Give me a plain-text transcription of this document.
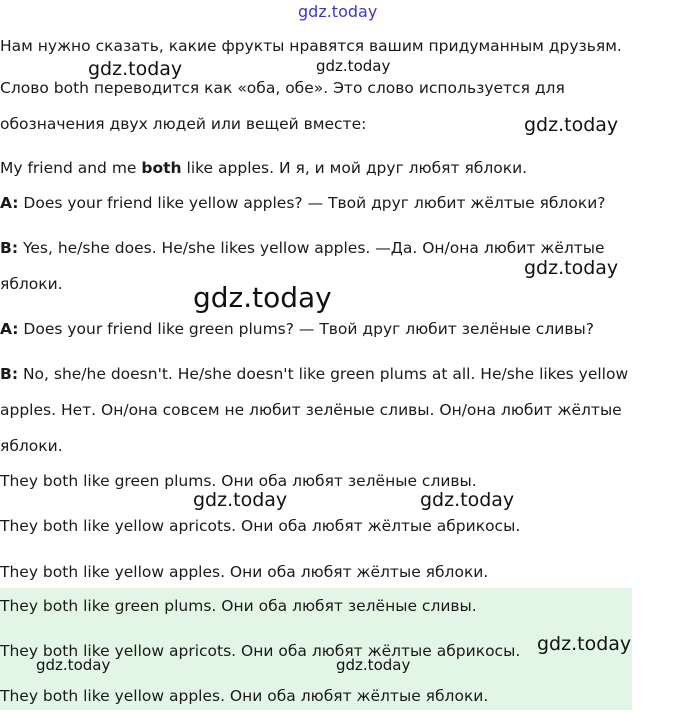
Нам нужно сказать, какие фрукты нравятся вашим придуманным друзьям.
Слово both переводится как «оба, обе». Это слово используется для
обозначения двух людей или вещей вместе:
My friend and me both like apples. И я, и мой друг любят яблоки.
A: Does your friend like yellow apples? — Твой друг любит жёлтые яблоки?
B: Yes, he/she does. He/she likes yellow apples. —Да. Он/она любит жёлтые
яблоки.
A: Does your friend like green plums? — Твой друг любит зелёные сливы?
B: No, she/he doesn't. He/she doesn't like green plums at all. He/she likes yellow
apples. Нет. Он/она совсем не любит зелёные сливы. Он/она любит жёлтые
яблоки.
They both like green plums. Они оба любят зелёные сливы.
They both like yellow apricots. Они оба любят жёлтые абрикосы.
They both like yellow apples. Они оба любят жёлтые яблоки.
They both like green plums. Они оба любят зелёные сливы.
They both like yellow apricots. Они оба любят жёлтые абрикосы.
They both like yellow apples. Они оба любят жёлтые яблоки.
gdz.today
gdz.today	gdz.today
gdz.today
gdz.today
gdz.today
gdz.today	gdz.today
gdz.today
gdz.today	gdz.today
